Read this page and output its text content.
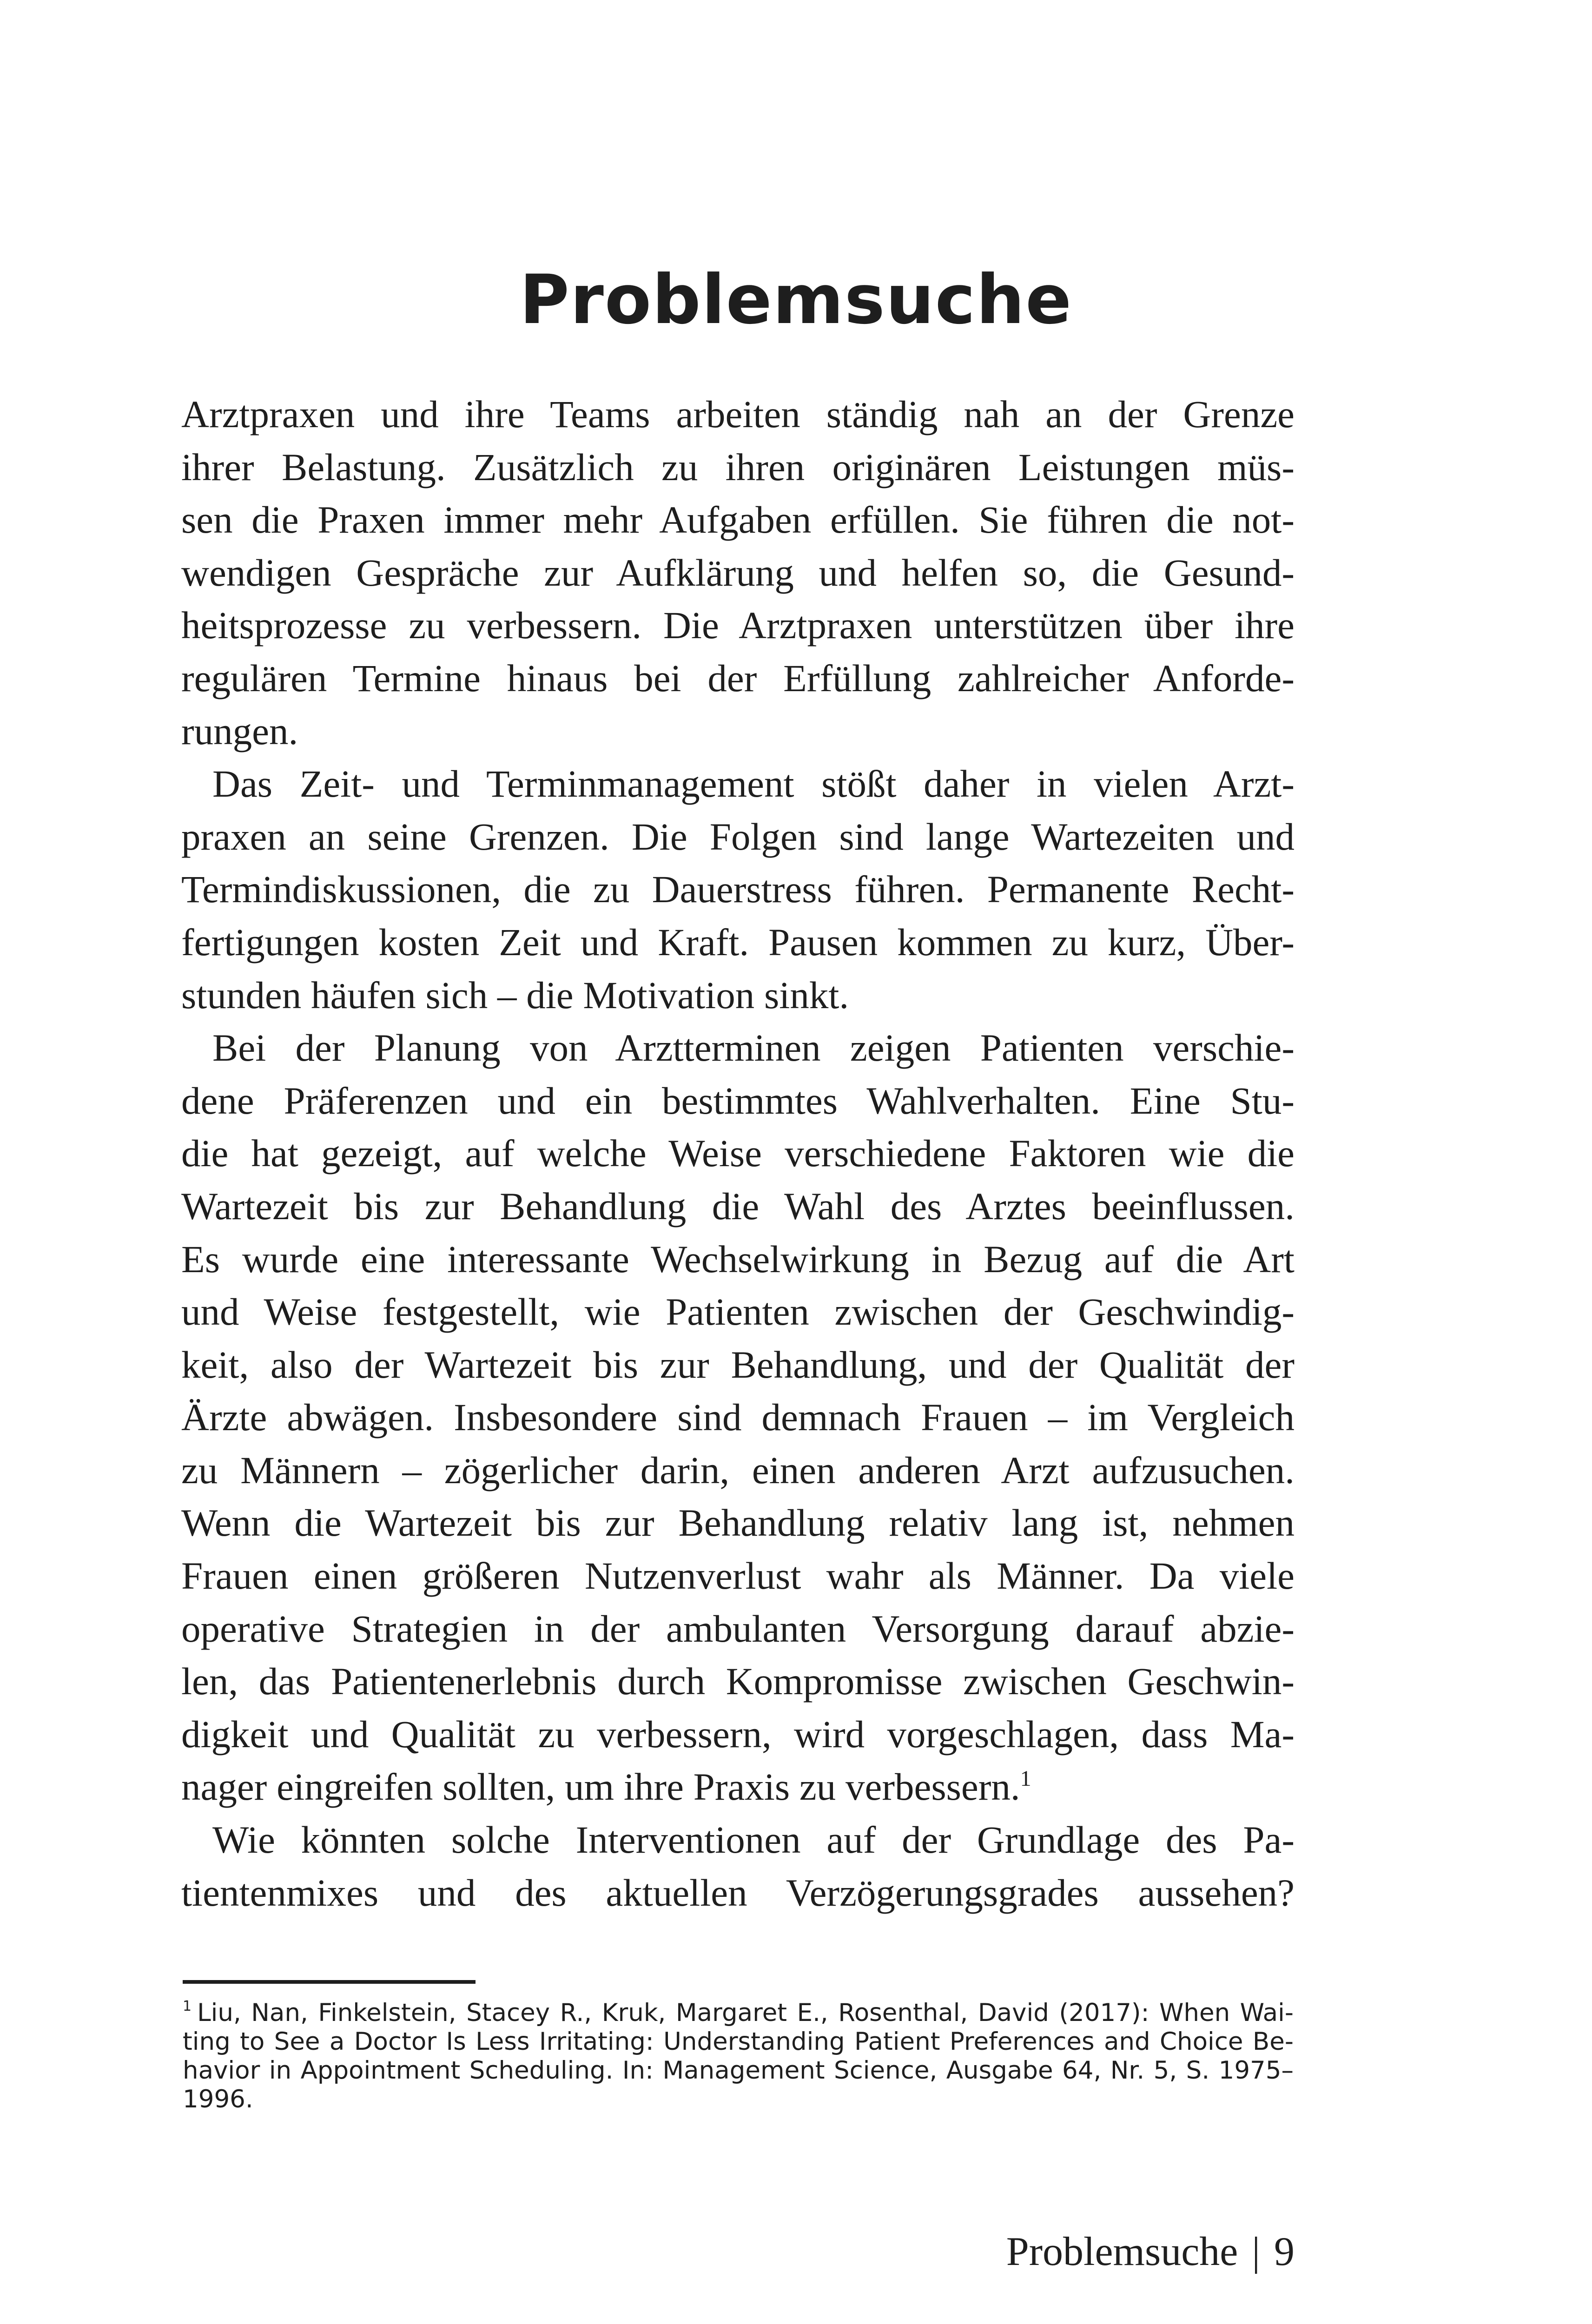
Problemsuche
Arztpraxen und ihre Teams arbeiten ständig nah an der Grenze
ihrer Belastung. Zusätzlich zu ihren originären Leistungen müs-
sen die Praxen immer mehr Aufgaben erfüllen. Sie führen die not-
wendigen Gespräche zur Aufklärung und helfen so, die Gesund-
heitsprozesse zu verbessern. Die Arztpraxen unterstützen über ihre
regulären Termine hinaus bei der Erfüllung zahlreicher Anforde-
rungen.
Das Zeit- und Terminmanagement stößt daher in vielen Arzt-
praxen an seine Grenzen. Die Folgen sind lange Wartezeiten und
Termindiskussionen, die zu Dauerstress führen. Permanente Recht-
fertigungen kosten Zeit und Kraft. Pausen kommen zu kurz, Über-
stunden häufen sich – die Motivation sinkt.
Bei der Planung von Arztterminen zeigen Patienten verschie-
dene Präferenzen und ein bestimmtes Wahlverhalten. Eine Stu-
die hat gezeigt, auf welche Weise verschiedene Faktoren wie die
Wartezeit bis zur Behandlung die Wahl des Arztes beeinflussen.
Es wurde eine interessante Wechselwirkung in Bezug auf die Art
und Weise festgestellt, wie Patienten zwischen der Geschwindig-
keit, also der Wartezeit bis zur Behandlung, und der Qualität der
Ärzte abwägen. Insbesondere sind demnach Frauen – im Vergleich
zu Männern – zögerlicher darin, einen anderen Arzt aufzusuchen.
Wenn die Wartezeit bis zur Behandlung relativ lang ist, nehmen
Frauen einen größeren Nutzenverlust wahr als Männer. Da viele
operative Strategien in der ambulanten Versorgung darauf abzie-
len, das Patientenerlebnis durch Kompromisse zwischen Geschwin-
digkeit und Qualität zu verbessern, wird vorgeschlagen, dass Ma-
nager eingreifen sollten, um ihre Praxis zu verbessern.$^1$
Wie könnten solche Interventionen auf der Grundlage des Pa-
tientenmixes und des aktuellen Verzögerungsgrades aussehen?
$^1$ Liu, Nan, Finkelstein, Stacey R., Kruk, Margaret E., Rosenthal, David (2017): When Wai-
ting to See a Doctor Is Less Irritating: Understanding Patient Preferences and Choice Be-
havior in Appointment Scheduling. In: Management Science, Ausgabe 64, Nr. 5, S. 1975–
1996.
Problemsuche | 9
